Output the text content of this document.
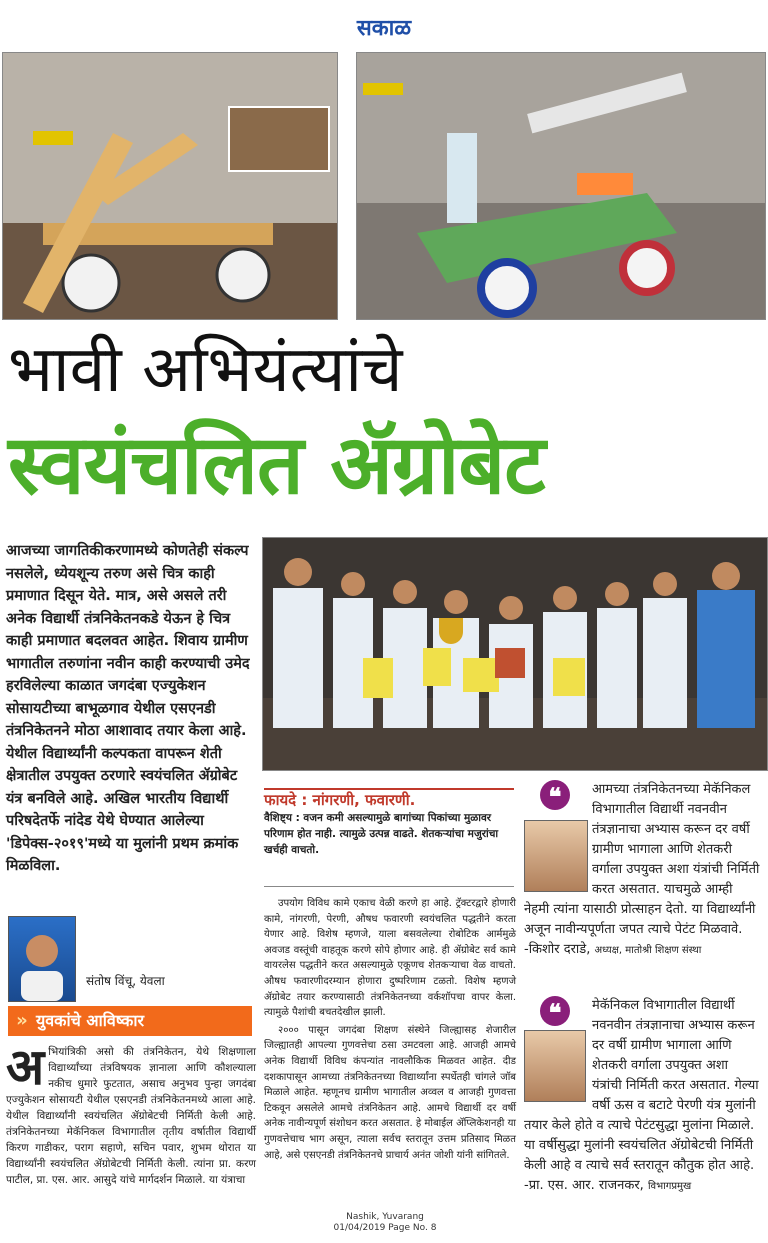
सकाळ
भावी अभियंत्यांचे
स्वयंचलित ॲग्रोबेट

आजच्या जागतिकीकरणामध्ये कोणतेही संकल्प नसलेले, ध्येयशून्य तरुण असे चित्र काही प्रमाणात दिसून येते. मात्र, असे असले तरी अनेक विद्यार्थी तंत्रनिकेतनकडे येऊन हे चित्र काही प्रमाणात बदलवत आहेत. शिवाय ग्रामीण भागातील तरुणांना नवीन काही करण्याची उमेद हरविलेल्या काळात जगदंबा एज्युकेशन सोसायटीच्या बाभूळगाव येथील एसएनडी तंत्रनिकेतनने मोठा आशावाद तयार केला आहे. येथील विद्यार्थ्यांनी कल्पकता वापरून शेती क्षेत्रातील उपयुक्त ठरणारे स्वयंचलित ॲग्रोबेट यंत्र बनविले आहे. अखिल भारतीय विद्यार्थी परिषदेतर्फे नांदेड येथे घेण्यात आलेल्या 'डिपेक्स-२०१९'मध्ये या मुलांनी प्रथम क्रमांक मिळविला.

संतोष विंचू, येवला
» युवकांचे आविष्कार
अभियांत्रिकी असो की तंत्रनिकेतन, येथे शिक्षणाला विद्यार्थ्यांच्या तंत्रविषयक ज्ञानाला आणि कौशल्याला नकीच धुमारे फुटतात, असाच अनुभव पुन्हा जगदंबा एज्युकेशन सोसायटी येथील एसएनडी तंत्रनिकेतनमध्ये आला आहे. येथील विद्यार्थ्यांनी स्वयंचलित ॲग्रोबेटची निर्मिती केली आहे. तंत्रनिकेतनच्या मेकॅनिकल विभागातील तृतीय वर्षातील विद्यार्थी किरण गाडीकर, पराग सहाणे, सचिन पवार, शुभम थोरात या विद्यार्थ्यांनी स्वयंचलित ॲग्रोबेटची निर्मिती केली. त्यांना प्रा. करण पाटील, प्रा. एस. आर. आसुदे यांचे मार्गदर्शन मिळाले. या यंत्राचा
फायदे : नांगरणी, फवारणी.
वैशिष्ट्य : वजन कमी असल्यामुळे बागांच्या पिकांच्या मुळावर परिणाम होत नाही. त्यामुळे उत्पन्न वाढते. शेतकऱ्यांचा मजुरांचा खर्चही वाचतो.

उपयोग विविध कामे एकाच वेळी करणे हा आहे. ट्रॅक्टरद्वारे होणारी कामे, नांगरणी, पेरणी, औषध फवारणी स्वयंचलित पद्धतीने करता येणार आहे. विशेष म्हणजे, याला बसवलेल्या रोबोटिक आर्ममुळे अवजड वस्तूंची वाहतूक करणे सोपे होणार आहे. ही ॲग्रोबेट सर्व कामे वायरलेस पद्धतीने करत असल्यामुळे एकूणच शेतकऱ्याचा वेळ वाचतो. औषध फवारणीदरम्यान होणारा दुष्परिणाम टळतो. विशेष म्हणजे ॲग्रोबेट तयार करण्यासाठी तंत्रनिकेतनच्या वर्कशॉपचा वापर केला. त्यामुळे पैशांची बचतदेखील झाली.

२००० पासून जगदंबा शिक्षण संस्थेने जिल्ह्यासह शेजारील जिल्ह्यातही आपल्या गुणवत्तेचा ठसा उमटवला आहे. आजही आमचे अनेक विद्यार्थी विविध कंपन्यांत नावलौकिक मिळवत आहेत. दीड दशकापासून आमच्या तंत्रनिकेतनच्या विद्यार्थ्यांना स्पर्धेतही चांगले जॉब मिळाले आहेत. म्हणूनच ग्रामीण भागातील अव्वल व आजही गुणवत्ता टिकवून असलेले आमचे तंत्रनिकेतन आहे. आमचे विद्यार्थी दर वर्षी अनेक नावीन्यपूर्ण संशोधन करत असतात. हे मोबाईल ॲप्लिकेशनही या गुणवत्तेचाच भाग असून, त्याला सर्वच स्तरातून उत्तम प्रतिसाद मिळत आहे, असे एसएनडी तंत्रनिकेतनचे प्राचार्य अनंत जोशी यांनी सांगितले.

❝	आमच्या तंत्रनिकेतनच्या मेकॅनिकल विभागातील विद्यार्थी नवनवीन तंत्रज्ञानाचा अभ्यास करून दर वर्षी ग्रामीण भागाला आणि शेतकरी वर्गाला उपयुक्त अशा यंत्रांची निर्मिती करत असतात. याचमुळे आम्ही नेहमी त्यांना यासाठी प्रोत्साहन देतो. या विद्यार्थ्यांनी अजून नावीन्यपूर्णता जपत त्याचे पेटंट मिळवावे.
-किशोर दराडे, अध्यक्ष, मातोश्री शिक्षण संस्था
❝	मेकॅनिकल विभागातील विद्यार्थी नवनवीन तंत्रज्ञानाचा अभ्यास करून दर वर्षी ग्रामीण भागाला आणि शेतकरी वर्गाला उपयुक्त अशा यंत्रांची निर्मिती करत असतात. गेल्या वर्षी ऊस व बटाटे पेरणी यंत्र मुलांनी तयार केले होते व त्याचे पेटंटसुद्धा मुलांना मिळाले. या वर्षीसुद्धा मुलांनी स्वयंचलित ॲग्रोबेटची निर्मिती केली आहे व त्याचे सर्व स्तरातून कौतुक होत आहे.
-प्रा. एस. आर. राजनकर, विभागप्रमुख
Nashik, Yuvarang
01/04/2019 Page No. 8
